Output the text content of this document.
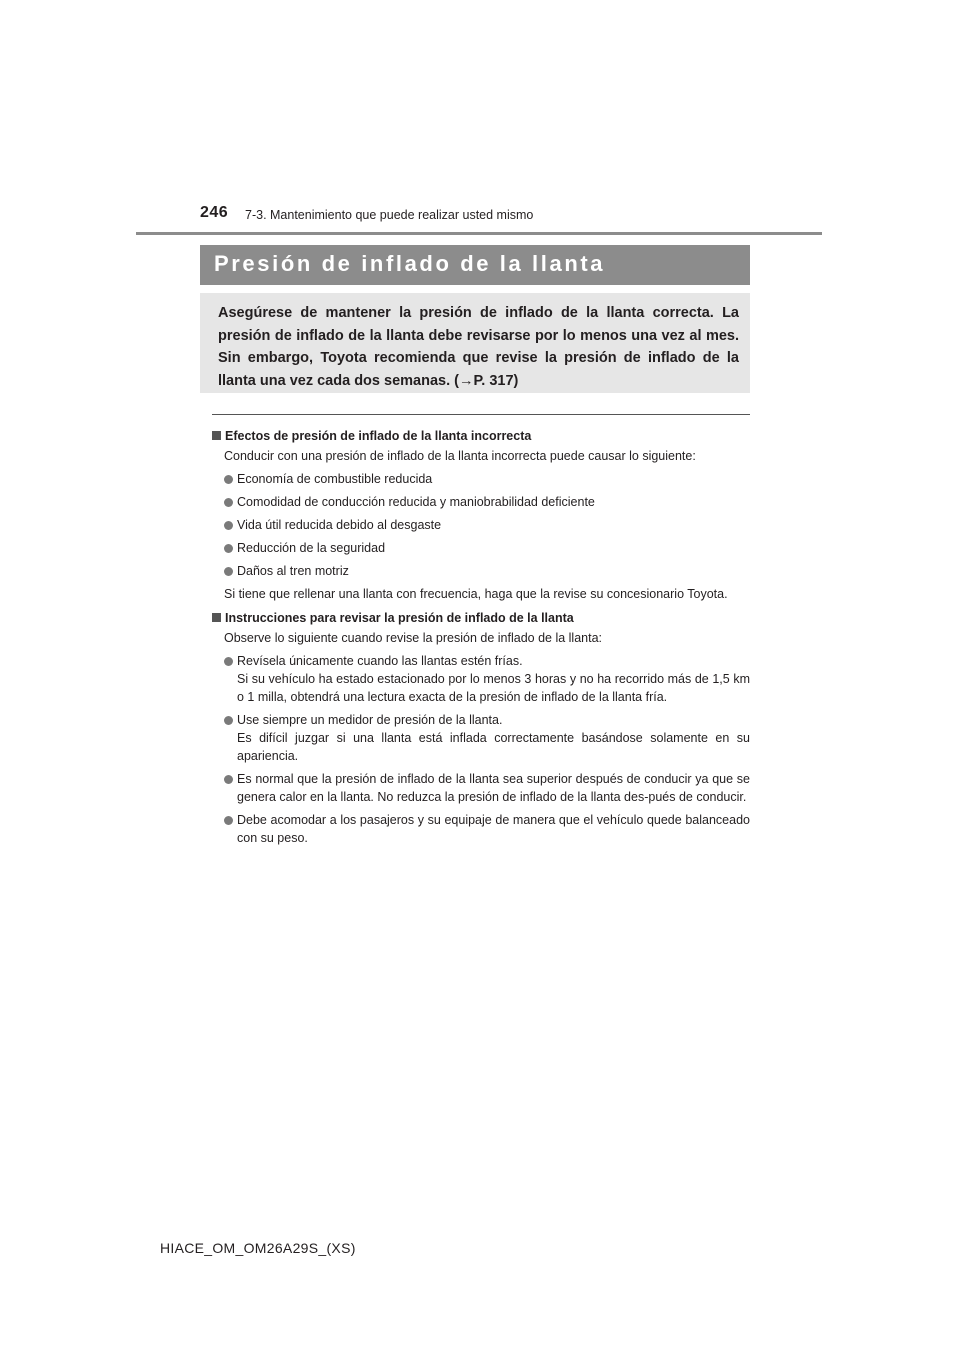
246 7-3. Mantenimiento que puede realizar usted mismo
Presión de inflado de la llanta

Asegúrese de mantener la presión de inflado de la llanta correcta. La presión de inflado de la llanta debe revisarse por lo menos una vez al mes. Sin embargo, Toyota recomienda que revise la presión de inflado de la llanta una vez cada dos semanas. (→P. 317)

Efectos de presión de inflado de la llanta incorrecta

Conducir con una presión de inflado de la llanta incorrecta puede causar lo siguiente:

Economía de combustible reducida
Comodidad de conducción reducida y maniobrabilidad deficiente
Vida útil reducida debido al desgaste
Reducción de la seguridad
Daños al tren motriz

Si tiene que rellenar una llanta con frecuencia, haga que la revise su concesionario Toyota.

Instrucciones para revisar la presión de inflado de la llanta

Observe lo siguiente cuando revise la presión de inflado de la llanta:

Revísela únicamente cuando las llantas estén frías.
Si su vehículo ha estado estacionado por lo menos 3 horas y no ha recorrido más de 1,5 km o 1 milla, obtendrá una lectura exacta de la presión de inflado de la llanta fría.
Use siempre un medidor de presión de la llanta.
Es difícil juzgar si una llanta está inflada correctamente basándose solamente en su apariencia.
Es normal que la presión de inflado de la llanta sea superior después de conducir ya que se genera calor en la llanta. No reduzca la presión de inflado de la llanta des-pués de conducir.
Debe acomodar a los pasajeros y su equipaje de manera que el vehículo quede balanceado con su peso.
HIACE_OM_OM26A29S_(XS)
